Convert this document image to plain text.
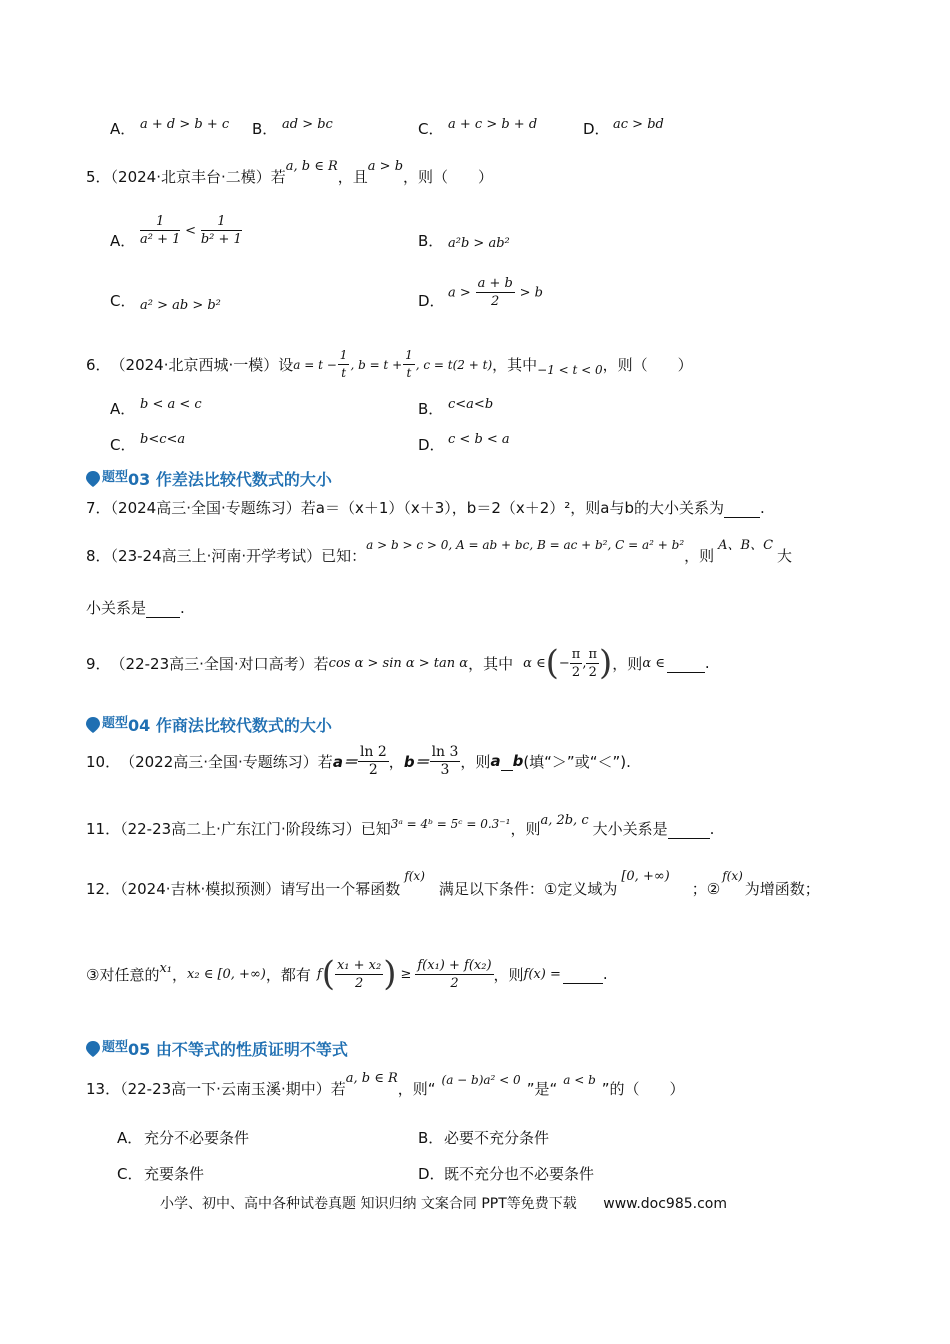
A． a + d > b + c B． ad > bc	C． a + c > b + d	D． ac > bd
5．（2024·北京丰台·二模）若a, b ∈ R，且a > b，则（　　）
A． $\frac{1}{\text{a² + 1}} < \frac{1}{\text{b² + 1}}$	B． a²b > ab²
C． a² > ab > b²	D． $a > \frac{a + b}{2} > b$
6． （2024·北京西城·一模）设 $a = t - \frac{1}{t}$ , $b = t + \frac{1}{t}$ , c = t(2 + t) ，其中 −1 < t < 0 ，则（　　）
A． b < a < c	B． c<a<b
C． b<c<a	D． c < b < a
题型 03 作差法比较代数式的大小
7．（2024高三·全国·专题练习）若a＝（x＋1）（x＋3），b＝2（x＋2）²，则a与b的大小关系为 .
8．（23-24高三上·河南·开学考试）已知：$^{a > b > c > 0, A = ab + bc, B = ac + b^2, C = a^2 + b^2}$，则A、B、C大
小关系是 .
9． （22-23高三·全国·对口高考）若 cos α > sin α > tan α ，其中 α ∈ ( − $\frac{\pi}{2}$ , $\frac{\pi}{2}$ ) ，则 α ∈
	.
题型 04 作商法比较代数式的大小
10． （2022高三·全国·专题练习）若 $a= \frac{\ln 2}{2}$ ， $b= \frac{\ln 3}{3}$ ，则 a
b (填“＞”或“＜”).
11．（22-23高二上·广东江门·阶段练习）已知$^{3ᵃ = 4ᵇ = 5ᶜ = 0.3^{-1}}$，则a, 2b, c 大小关系是	.
12．（2024·吉林·模拟预测）请写出一个幂函数$^{f(x)}$满足以下条件：①定义域为[0, +∞)；②$^{f(x)}$为增函数；
③对任意的 x₁ ， x₂ ∈ [0, +∞) ，都有 f ( $\frac{\text{x₁ + x₂}}{2}$ ) ≥ $\frac{\text{f(x₁) + f(x₂)}}{2}$ ，则 f(x) =
	.
题型 05 由不等式的性质证明不等式
13．（22-23高一下·云南玉溪·期中）若a, b ∈ R，则“ $^{(a - b)a^2 < 0}$ ”是“ $^{a < b}$ ”的（　　）
A． 充分不必要条件	B． 必要不充分条件
C． 充要条件	D． 既不充分也不必要条件
小学、初中、高中各种试卷真题 知识归纳 文案合同 PPT等免费下载 www.doc985.com
